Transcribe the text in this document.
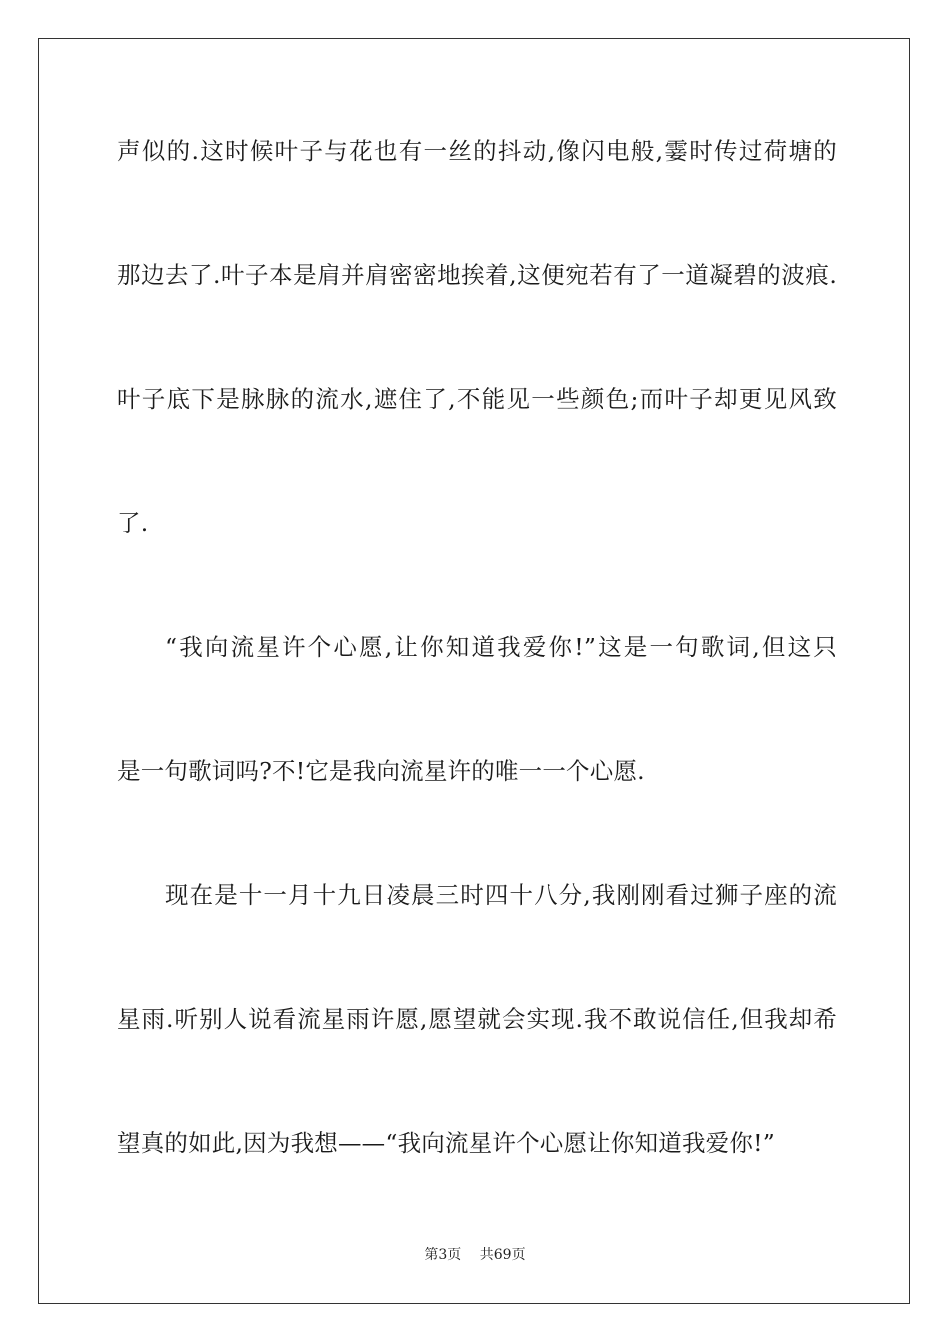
声似的.这时候叶子与花也有一丝的抖动,像闪电般,霎时传过荷塘的
那边去了.叶子本是肩并肩密密地挨着,这便宛若有了一道凝碧的波痕.
叶子底下是脉脉的流水,遮住了,不能见一些颜色;而叶子却更见风致
了.
“我向流星许个心愿,让你知道我爱你!”这是一句歌词,但这只
是一句歌词吗?不!它是我向流星许的唯一一个心愿.
现在是十一月十九日凌晨三时四十八分,我刚刚看过狮子座的流
星雨.听别人说看流星雨许愿,愿望就会实现.我不敢说信任,但我却希
望真的如此,因为我想——“我向流星许个心愿让你知道我爱你!”
第3页 共69页
